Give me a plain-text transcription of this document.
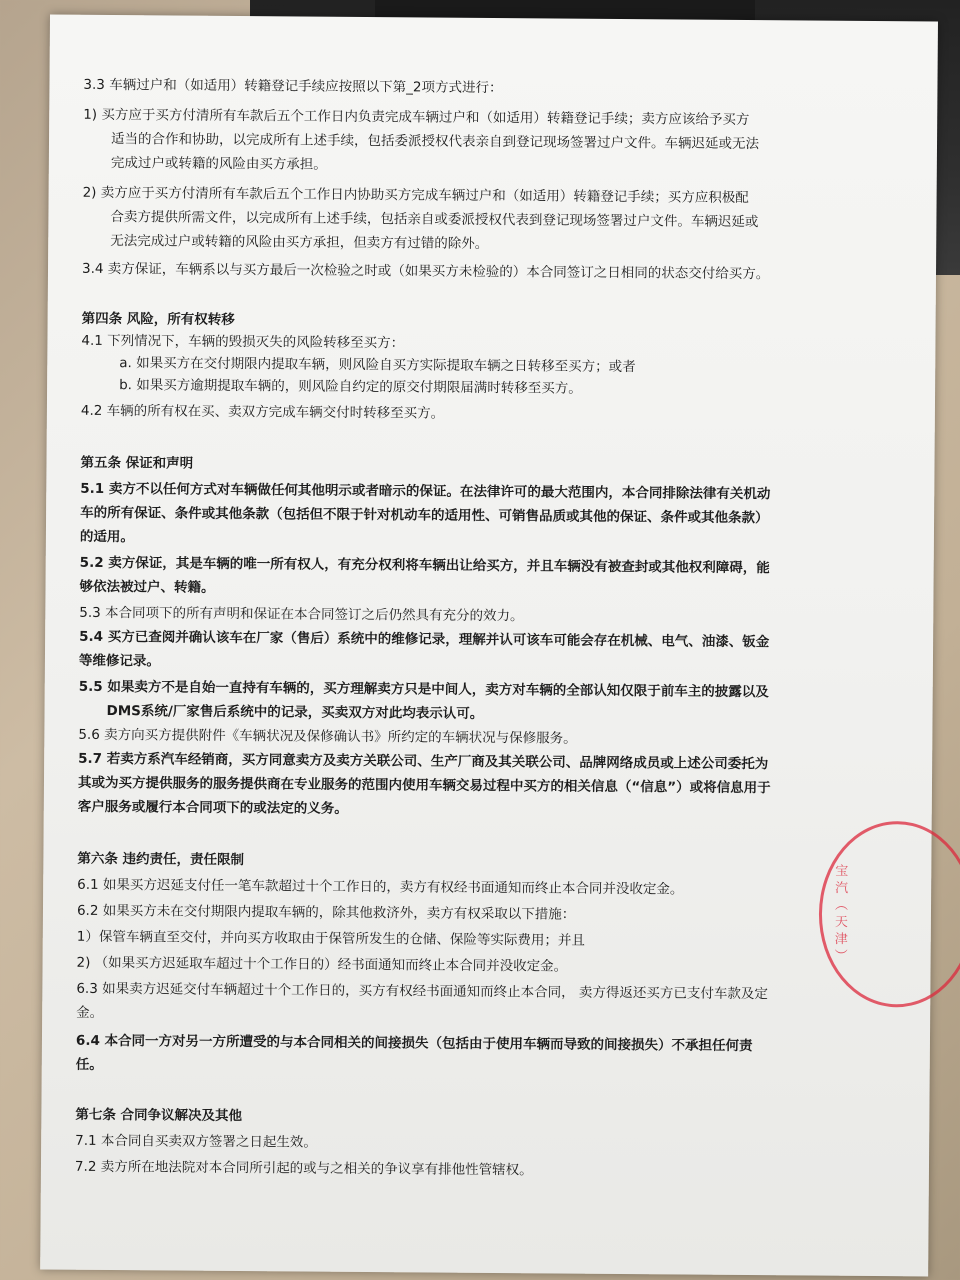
宝汽（天津）
3.3 车辆过户和（如适用）转籍登记手续应按照以下第_2项方式进行：
1) 买方应于买方付清所有车款后五个工作日内负责完成车辆过户和（如适用）转籍登记手续；卖方应该给予买方
适当的合作和协助，以完成所有上述手续，包括委派授权代表亲自到登记现场签署过户文件。车辆迟延或无法
完成过户或转籍的风险由买方承担。
2) 卖方应于买方付清所有车款后五个工作日内协助买方完成车辆过户和（如适用）转籍登记手续；买方应积极配
合卖方提供所需文件，以完成所有上述手续，包括亲自或委派授权代表到登记现场签署过户文件。车辆迟延或
无法完成过户或转籍的风险由买方承担，但卖方有过错的除外。
3.4 卖方保证，车辆系以与买方最后一次检验之时或（如果买方未检验的）本合同签订之日相同的状态交付给买方。
第四条 风险，所有权转移
4.1 下列情况下，车辆的毁损灭失的风险转移至买方：
a. 如果买方在交付期限内提取车辆，则风险自买方实际提取车辆之日转移至买方；或者
b. 如果买方逾期提取车辆的，则风险自约定的原交付期限届满时转移至买方。
4.2 车辆的所有权在买、卖双方完成车辆交付时转移至买方。
第五条 保证和声明
5.1 卖方不以任何方式对车辆做任何其他明示或者暗示的保证。在法律许可的最大范围内，本合同排除法律有关机动
车的所有保证、条件或其他条款（包括但不限于针对机动车的适用性、可销售品质或其他的保证、条件或其他条款）
的适用。
5.2 卖方保证，其是车辆的唯一所有权人，有充分权利将车辆出让给买方，并且车辆没有被查封或其他权利障碍，能
够依法被过户、转籍。
5.3 本合同项下的所有声明和保证在本合同签订之后仍然具有充分的效力。
5.4 买方已查阅并确认该车在厂家（售后）系统中的维修记录，理解并认可该车可能会存在机械、电气、油漆、钣金
等维修记录。
5.5 如果卖方不是自始一直持有车辆的，买方理解卖方只是中间人，卖方对车辆的全部认知仅限于前车主的披露以及
DMS系统/厂家售后系统中的记录，买卖双方对此均表示认可。
5.6 卖方向买方提供附件《车辆状况及保修确认书》所约定的车辆状况与保修服务。
5.7 若卖方系汽车经销商，买方同意卖方及卖方关联公司、生产厂商及其关联公司、品牌网络成员或上述公司委托为
其或为买方提供服务的服务提供商在专业服务的范围内使用车辆交易过程中买方的相关信息（“信息”）或将信息用于
客户服务或履行本合同项下的或法定的义务。
第六条 违约责任，责任限制
6.1 如果买方迟延支付任一笔车款超过十个工作日的，卖方有权经书面通知而终止本合同并没收定金。
6.2 如果买方未在交付期限内提取车辆的，除其他救济外，卖方有权采取以下措施：
1）保管车辆直至交付，并向买方收取由于保管所发生的仓储、保险等实际费用；并且
2) （如果买方迟延取车超过十个工作日的）经书面通知而终止本合同并没收定金。
6.3 如果卖方迟延交付车辆超过十个工作日的，买方有权经书面通知而终止本合同， 卖方得返还买方已支付车款及定
金。
6.4 本合同一方对另一方所遭受的与本合同相关的间接损失（包括由于使用车辆而导致的间接损失）不承担任何责
任。
第七条 合同争议解决及其他
7.1 本合同自买卖双方签署之日起生效。
7.2 卖方所在地法院对本合同所引起的或与之相关的争议享有排他性管辖权。
